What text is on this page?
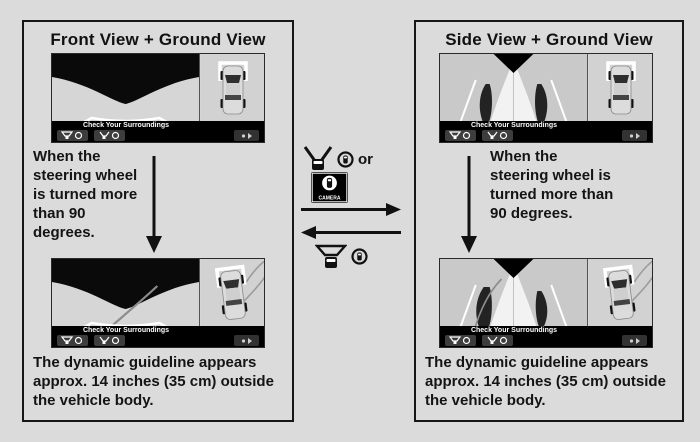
Front View + Ground View
Check Your Surroundings
When the steering wheel is turned more than 90 degrees.
Check Your Surroundings
The dynamic guideline appears approx. 14 inches (35 cm) outside the vehicle body.
or
CAMERA
Side View + Ground View
Check Your Surroundings
When the steering wheel is turned more than 90 degrees.
Check Your Surroundings
The dynamic guideline appears approx. 14 inches (35 cm) outside the vehicle body.
